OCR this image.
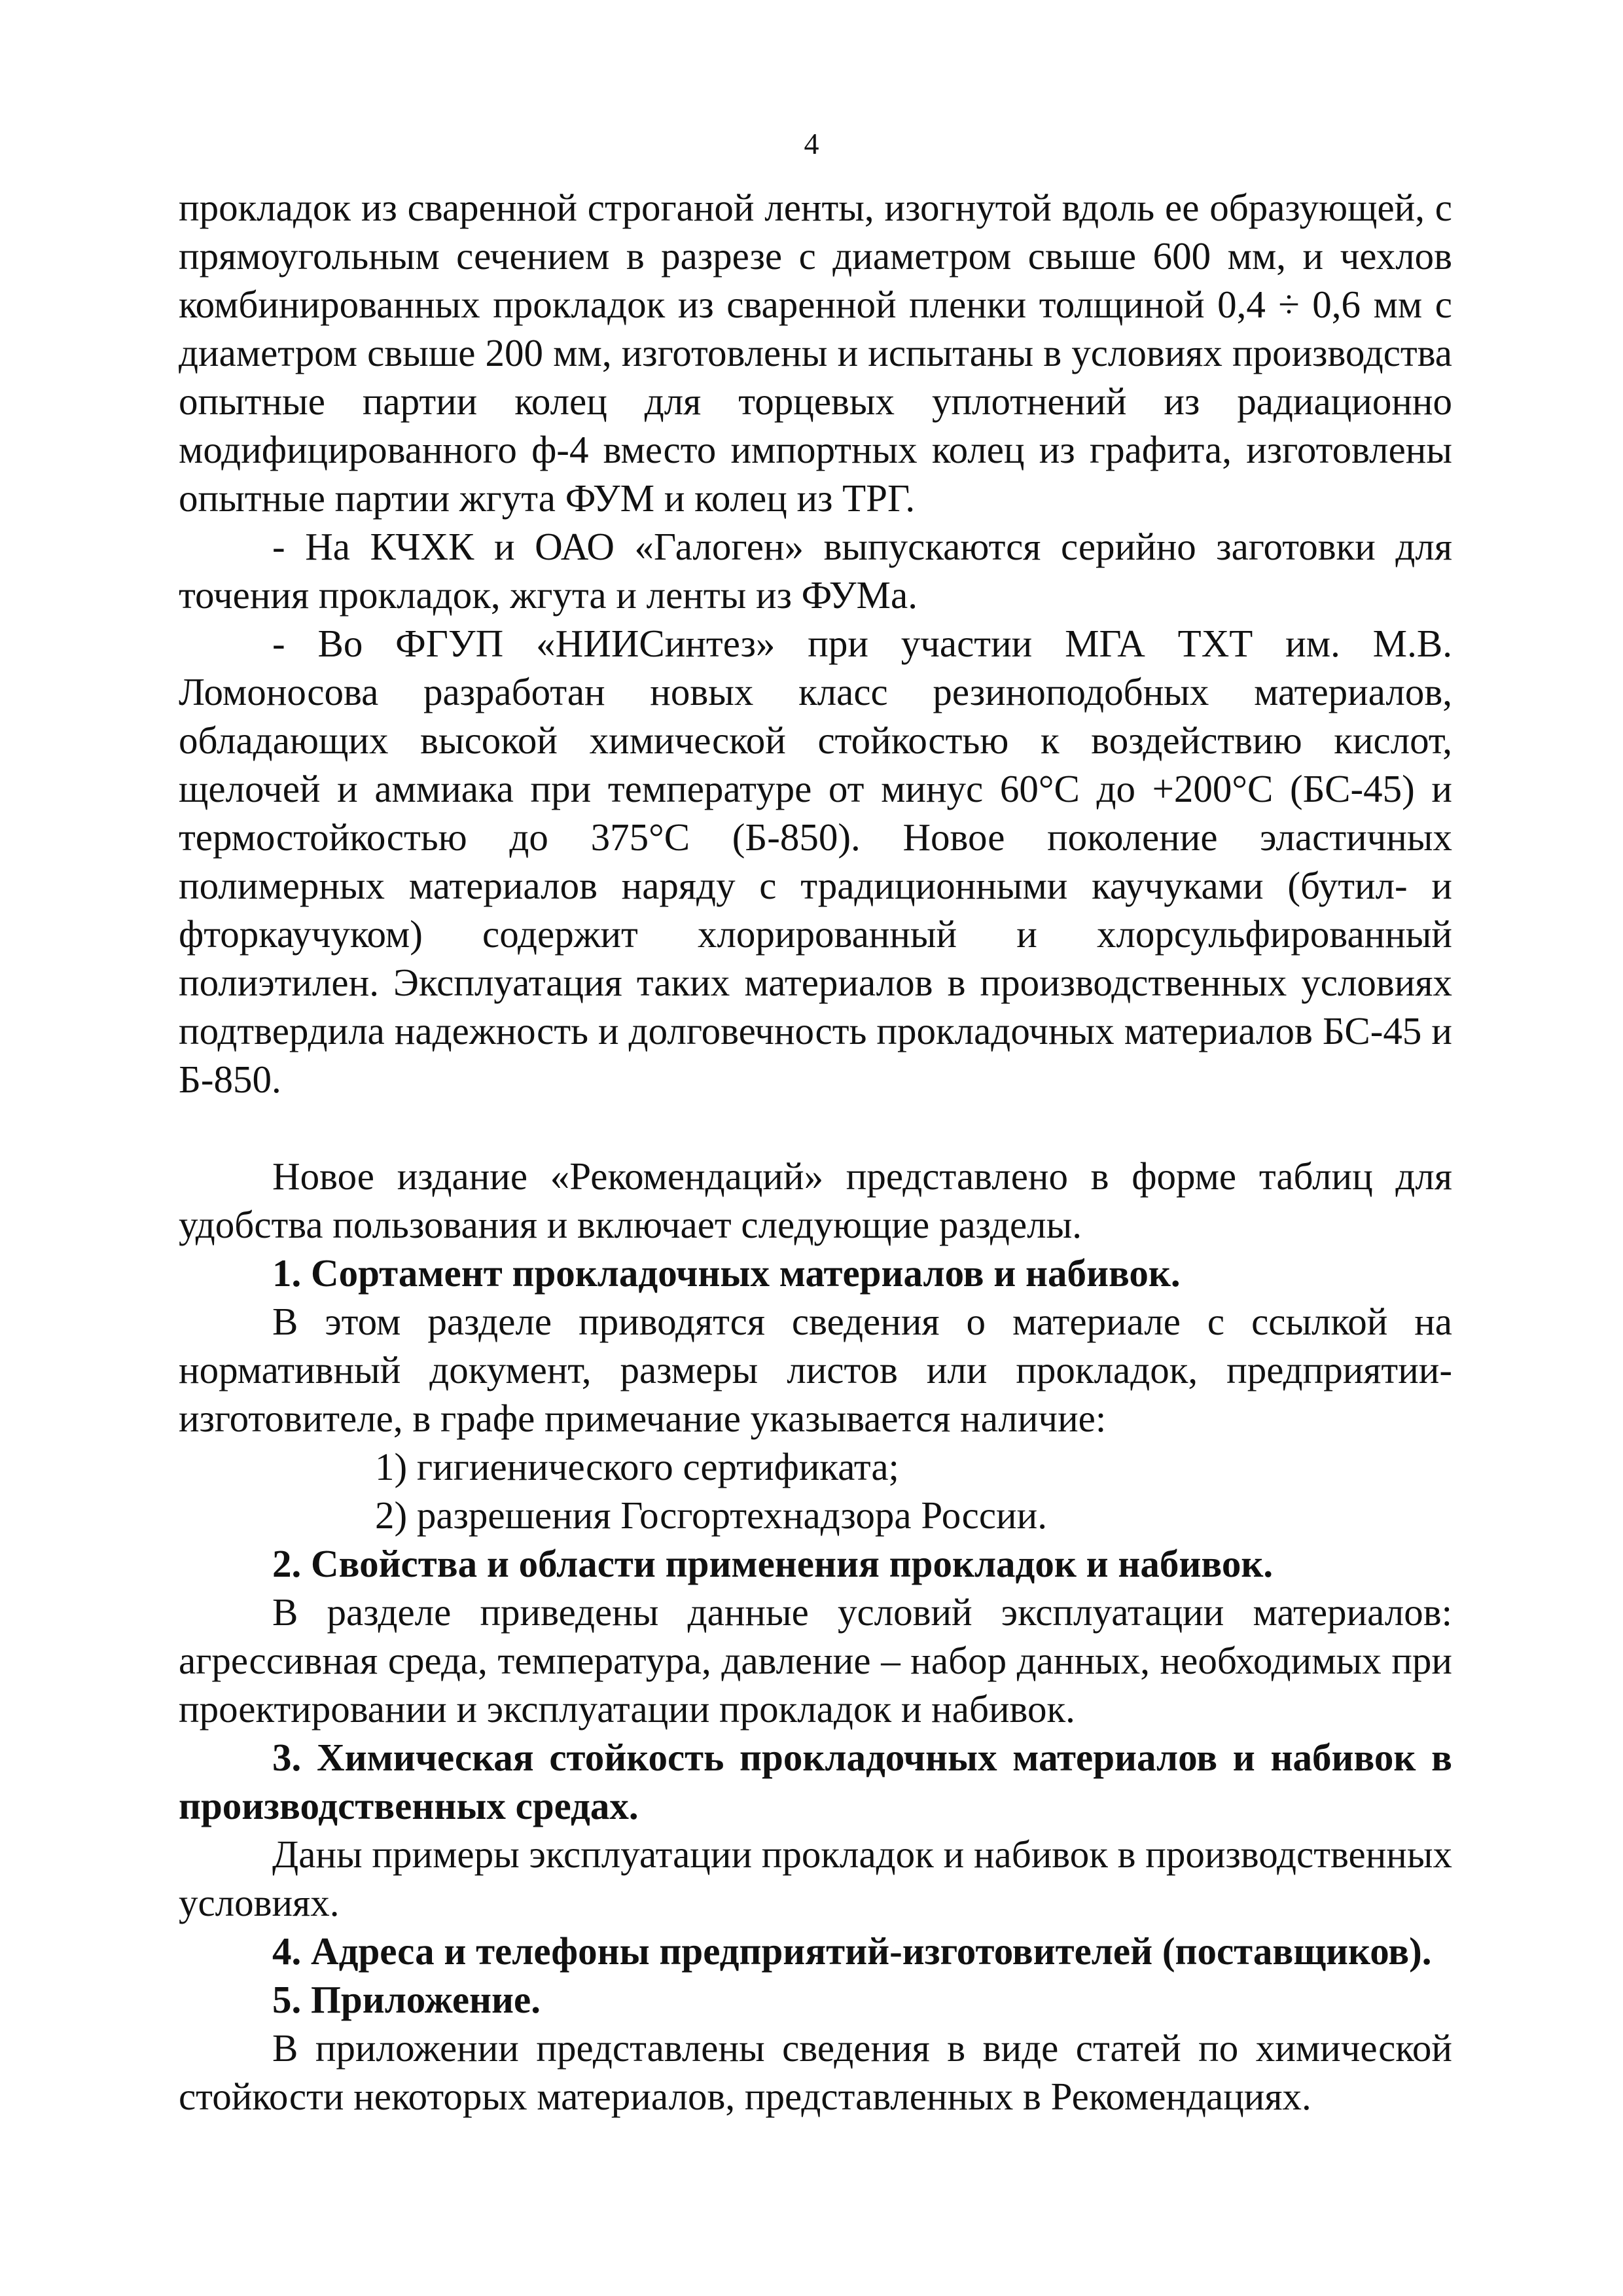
4

прокладок из сваренной строганой ленты, изогнутой вдоль ее образующей, с прямоугольным сечением в разрезе с диаметром свыше 600 мм, и чехлов комбинированных прокладок из сваренной пленки толщиной 0,4 ÷ 0,6 мм с диаметром свыше 200 мм, изготовлены и испытаны в условиях производства опытные партии колец для торцевых уплотнений из радиационно модифицированного ф-4 вместо импортных колец из графита, изготовлены опытные партии жгута ФУМ и колец из ТРГ.

- На КЧХК и ОАО «Галоген» выпускаются серийно заготовки для точения прокладок, жгута и ленты из ФУМа.

- Во ФГУП «НИИСинтез» при участии МГА ТХТ им. М.В. Ломоносова разработан новых класс резиноподобных материалов, обладающих высокой химической стойкостью к воздействию кислот, щелочей и аммиака при температуре от минус 60°С до +200°С (БС-45) и термостойкостью до 375°С (Б-850). Новое поколение эластичных полимерных материалов наряду с традиционными каучуками (бутил- и фторкаучуком) содержит хлорированный и хлорсульфированный полиэтилен. Эксплуатация таких материалов в производственных условиях подтвердила надежность и долговечность прокладочных материалов БС-45 и Б-850.

Новое издание «Рекомендаций» представлено в форме таблиц для удобства пользования и включает следующие разделы.

1. Сортамент прокладочных материалов и набивок.

В этом разделе приводятся сведения о материале с ссылкой на нормативный документ, размеры листов или прокладок, предприятии-изготовителе, в графе примечание указывается наличие:

1) гигиенического сертификата;

2) разрешения Госгортехнадзора России.

2. Свойства и области применения прокладок и набивок.

В разделе приведены данные условий эксплуатации материалов: агрессивная среда, температура, давление – набор данных, необходимых при проектировании и эксплуатации прокладок и набивок.

3. Химическая стойкость прокладочных материалов и набивок в производственных средах.

Даны примеры эксплуатации прокладок и набивок в производственных условиях.

4. Адреса и телефоны предприятий-изготовителей (поставщиков).

5. Приложение.

В приложении представлены сведения в виде статей по химической стойкости некоторых материалов, представленных в Рекомендациях.
